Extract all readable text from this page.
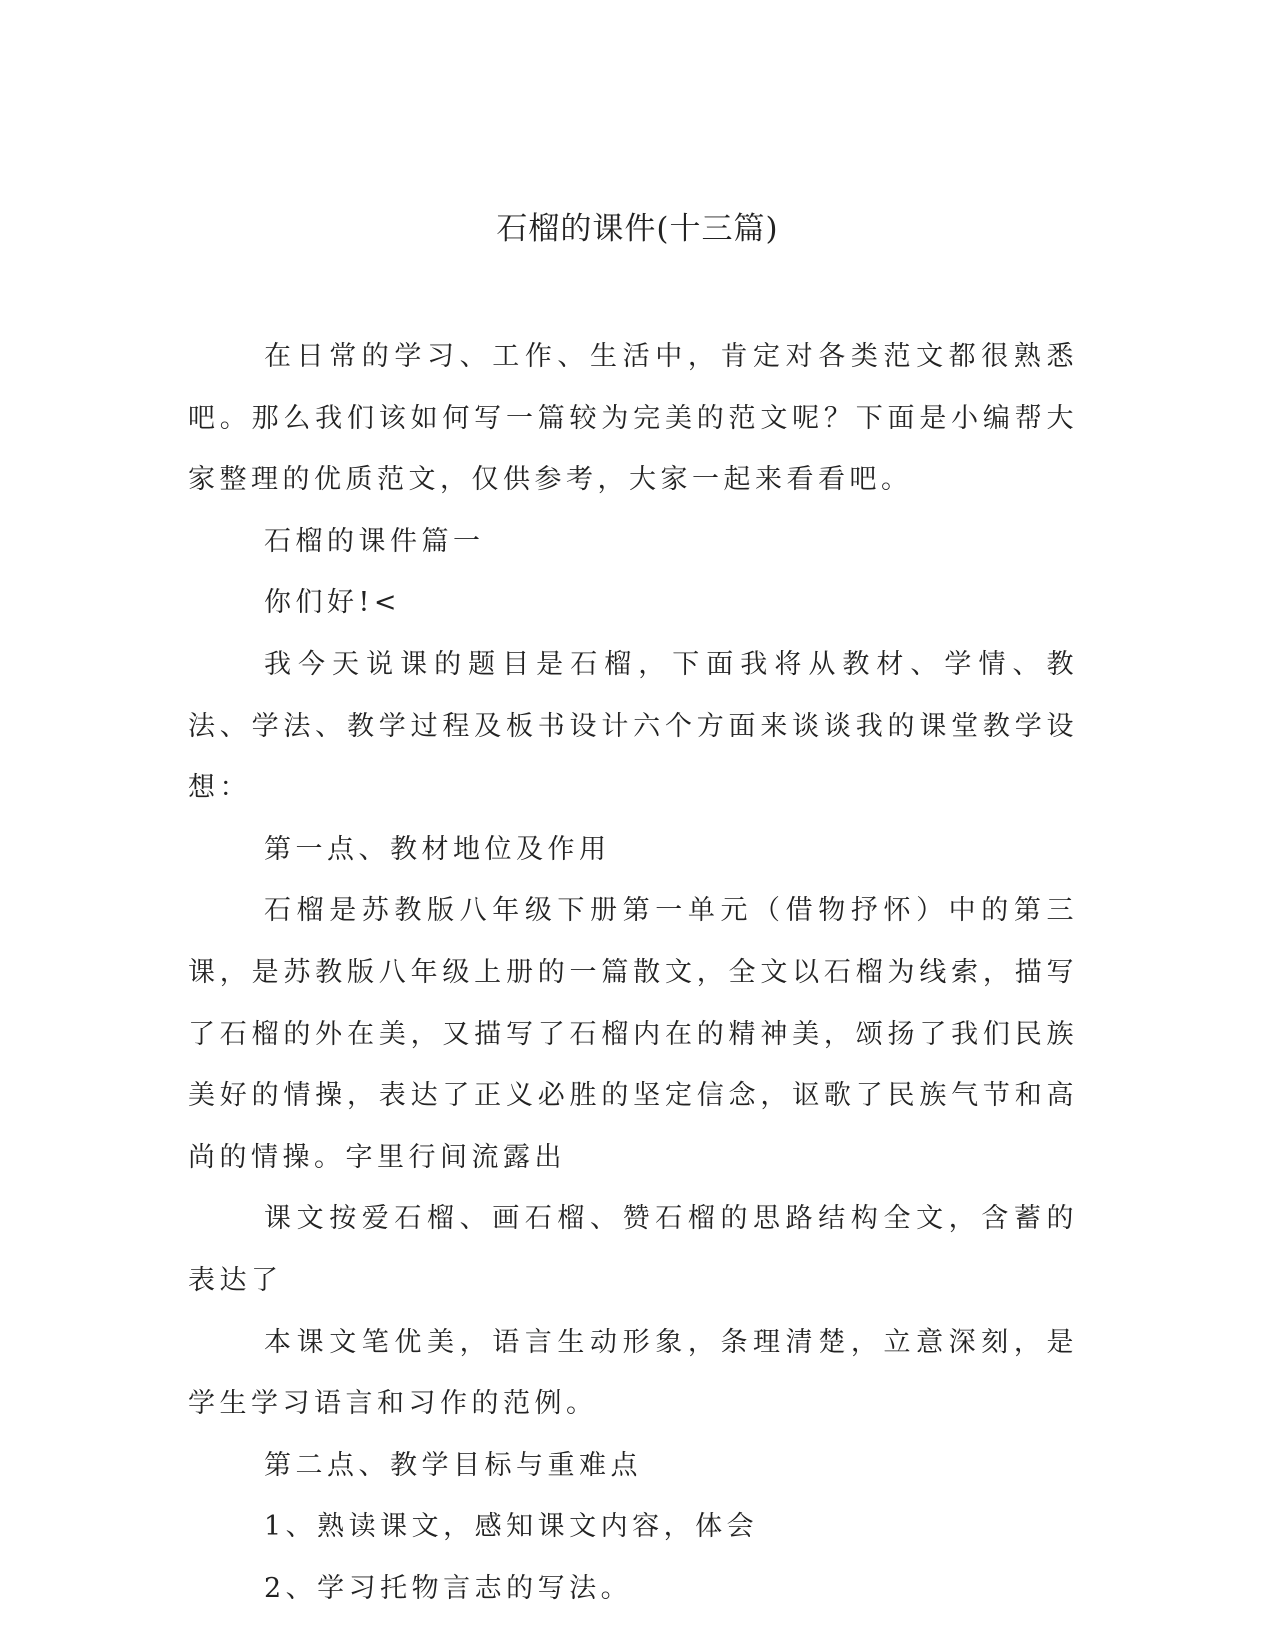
石榴的课件(十三篇)

在日常的学习、工作、生活中，肯定对各类范文都很熟悉吧。那么我们该如何写一篇较为完美的范文呢？下面是小编帮大家整理的优质范文，仅供参考，大家一起来看看吧。

石榴的课件篇一

你们好!<

我今天说课的题目是石榴，下面我将从教材、学情、教法、学法、教学过程及板书设计六个方面来谈谈我的课堂教学设想：

第一点、教材地位及作用

石榴是苏教版八年级下册第一单元（借物抒怀）中的第三课，是苏教版八年级上册的一篇散文，全文以石榴为线索，描写了石榴的外在美，又描写了石榴内在的精神美，颂扬了我们民族美好的情操，表达了正义必胜的坚定信念，讴歌了民族气节和高尚的情操。字里行间流露出

课文按爱石榴、画石榴、赞石榴的思路结构全文，含蓄的表达了

本课文笔优美，语言生动形象，条理清楚，立意深刻，是学生学习语言和习作的范例。

第二点、教学目标与重难点

1、熟读课文，感知课文内容，体会

2、学习托物言志的写法。
